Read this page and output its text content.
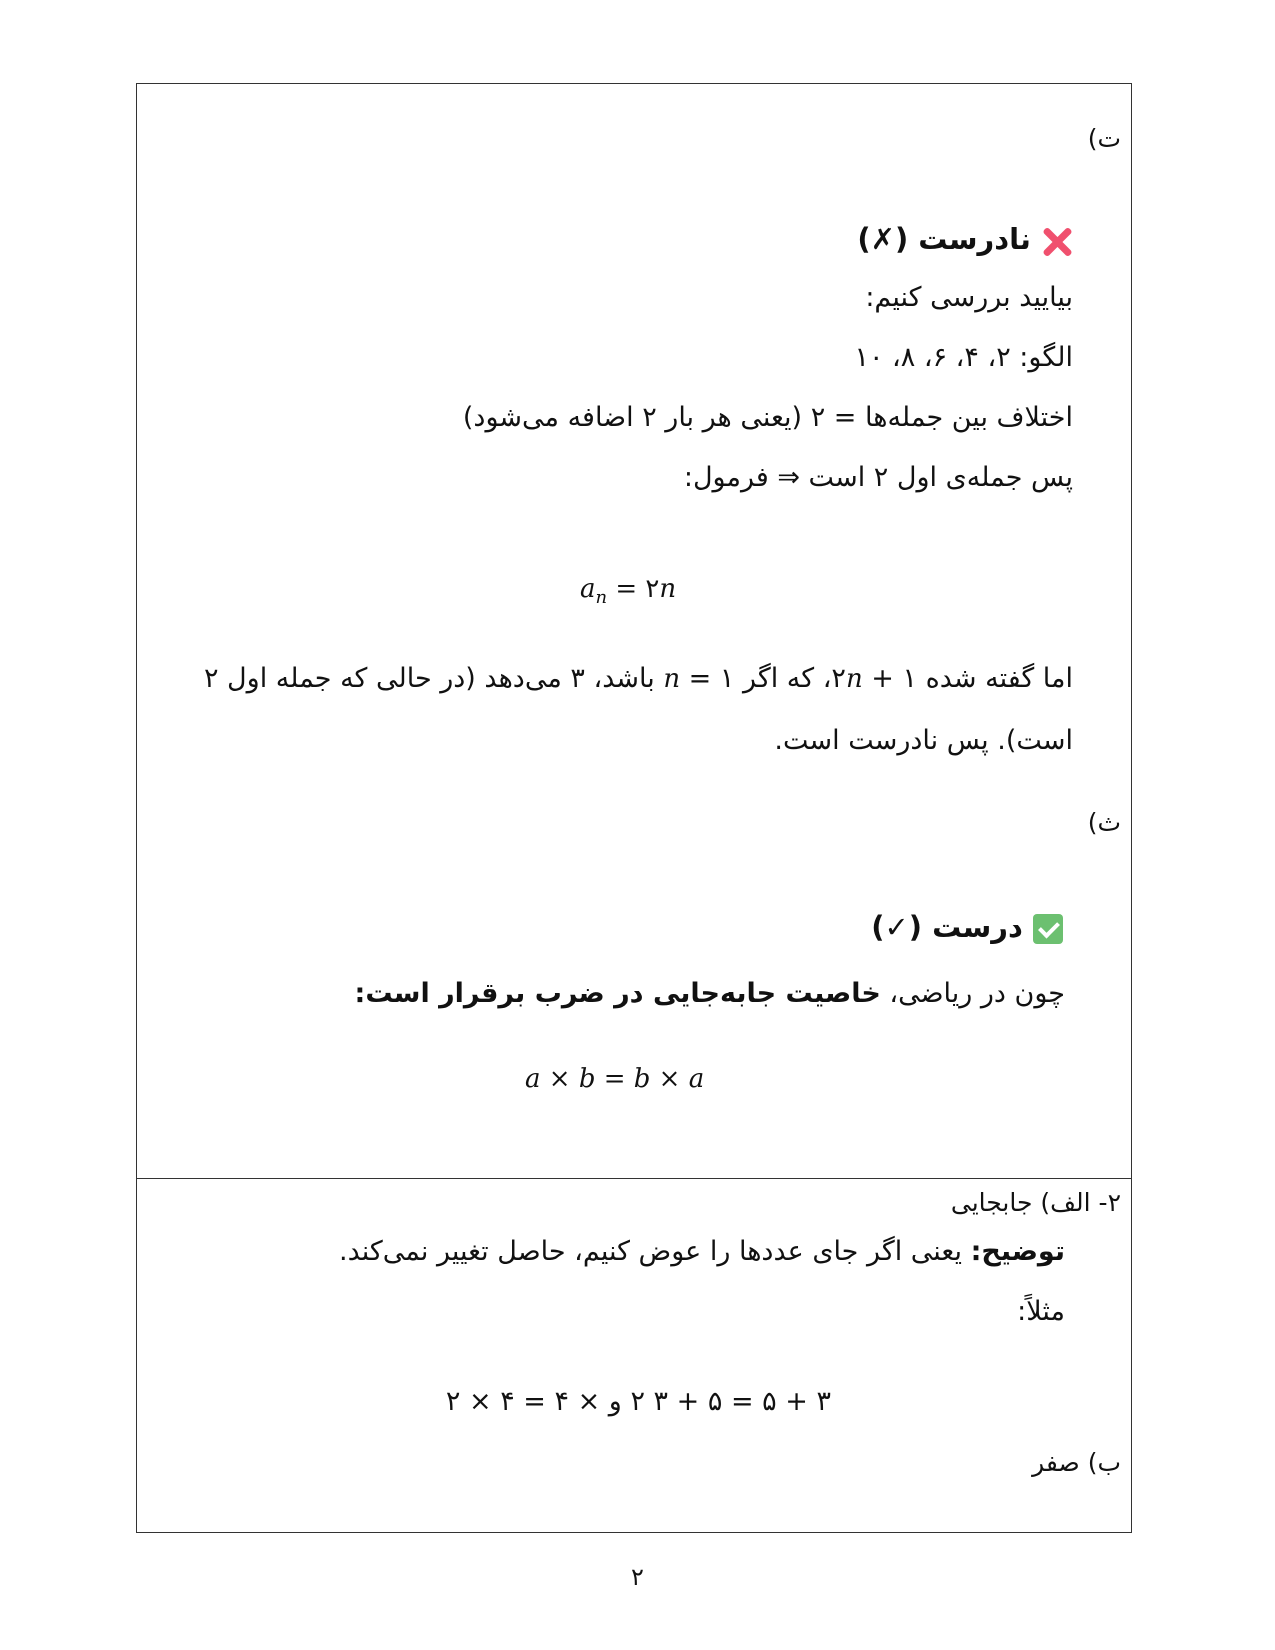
ت)
نادرست (✗)
بیایید بررسی کنیم:
الگو: ۲، ۴، ۶، ۸، ۱۰
اختلاف بین جمله‌ها = ۲ (یعنی هر بار ۲ اضافه می‌شود)
پس جمله‌ی اول ۲ است ⇒ فرمول:
$a_n$ = ۲n
اما گفته شده ۲n + ۱، که اگر n = ۱ باشد، ۳ می‌دهد (در حالی که جمله اول ۲ است). پس نادرست است.
ث)
درست (✓)
چون در ریاضی، خاصیت جابه‌جایی در ضرب برقرار است:
a × b = b × a
۲- الف) جابجایی
توضیح: یعنی اگر جای عددها را عوض کنیم، حاصل تغییر نمی‌کند.
مثلاً:
۳ + ۵ = ۵ + ۳ ۲ و × ۴ = ۴ × ۲
ب) صفر
۲
